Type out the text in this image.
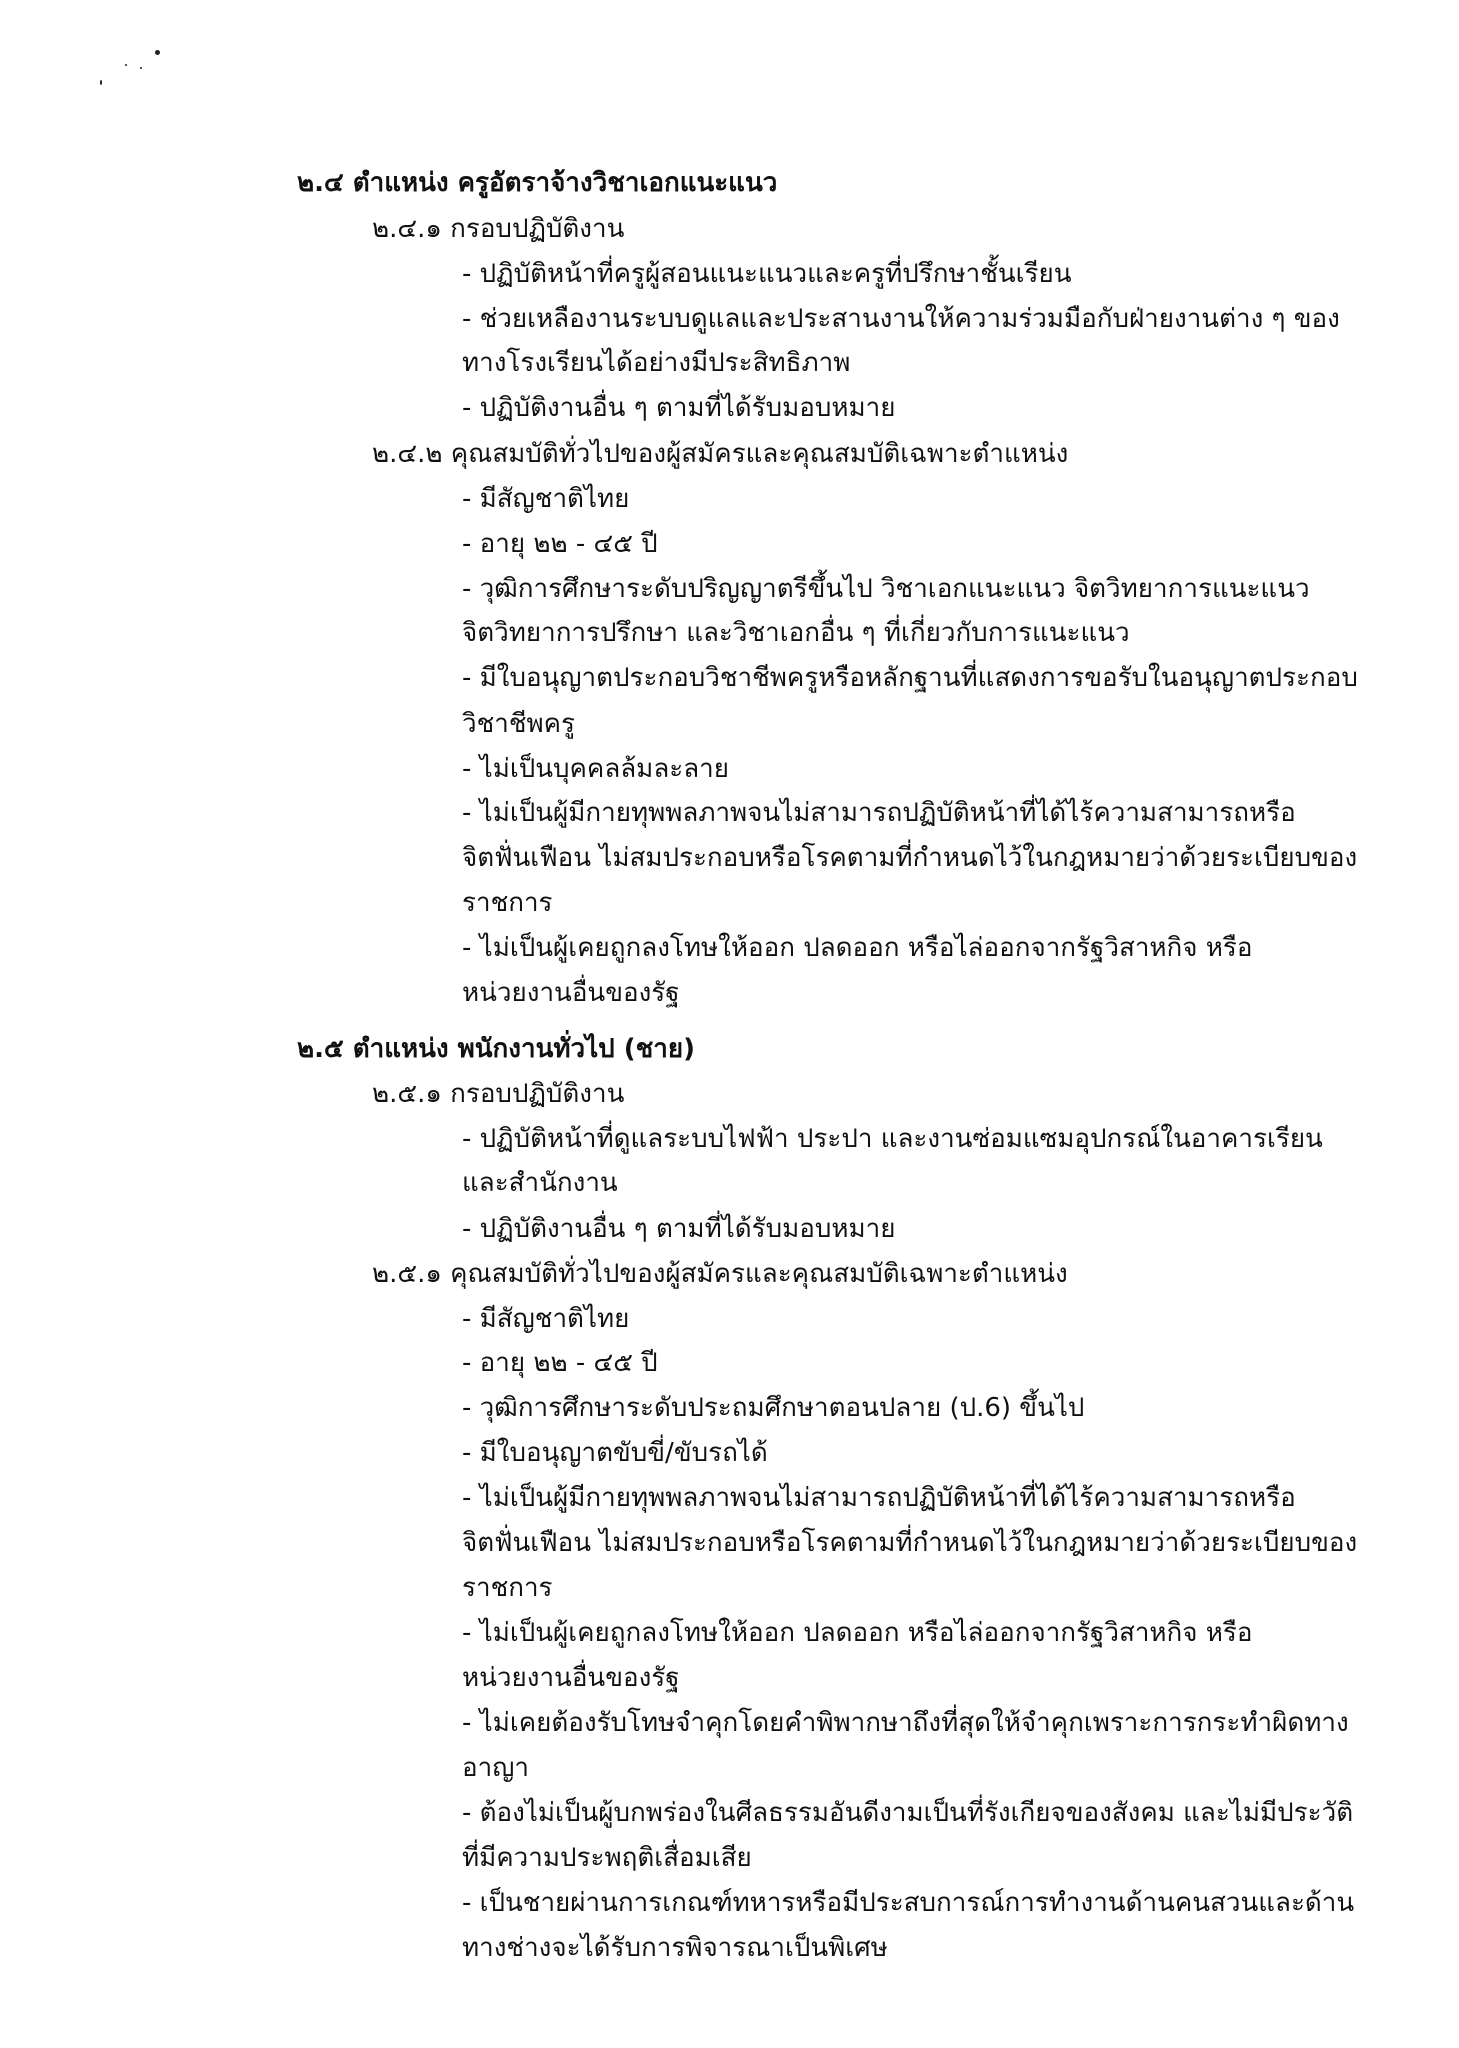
๒.๔ ตำแหน่ง ครูอัตราจ้างวิชาเอกแนะแนว
๒.๔.๑ กรอบปฏิบัติงาน
- ปฏิบัติหน้าที่ครูผู้สอนแนะแนวและครูที่ปรึกษาชั้นเรียน
- ช่วยเหลืองานระบบดูแลและประสานงานให้ความร่วมมือกับฝ่ายงานต่าง ๆ ของ
ทางโรงเรียนได้อย่างมีประสิทธิภาพ
- ปฏิบัติงานอื่น ๆ ตามที่ได้รับมอบหมาย
๒.๔.๒ คุณสมบัติทั่วไปของผู้สมัครและคุณสมบัติเฉพาะตำแหน่ง
- มีสัญชาติไทย
- อายุ ๒๒ - ๔๕ ปี
- วุฒิการศึกษาระดับปริญญาตรีขึ้นไป วิชาเอกแนะแนว จิตวิทยาการแนะแนว
จิตวิทยาการปรึกษา และวิชาเอกอื่น ๆ ที่เกี่ยวกับการแนะแนว
- มีใบอนุญาตประกอบวิชาชีพครูหรือหลักฐานที่แสดงการขอรับในอนุญาตประกอบ
วิชาชีพครู
- ไม่เป็นบุคคลล้มละลาย
- ไม่เป็นผู้มีกายทุพพลภาพจนไม่สามารถปฏิบัติหน้าที่ได้ไร้ความสามารถหรือ
จิตฟั่นเฟือน ไม่สมประกอบหรือโรคตามที่กำหนดไว้ในกฎหมายว่าด้วยระเบียบของ
ราชการ
- ไม่เป็นผู้เคยถูกลงโทษให้ออก ปลดออก หรือไล่ออกจากรัฐวิสาหกิจ หรือ
หน่วยงานอื่นของรัฐ
๒.๕ ตำแหน่ง พนักงานทั่วไป (ชาย)
๒.๕.๑ กรอบปฏิบัติงาน
- ปฏิบัติหน้าที่ดูแลระบบไฟฟ้า ประปา และงานซ่อมแซมอุปกรณ์ในอาคารเรียน
และสำนักงาน
- ปฏิบัติงานอื่น ๆ ตามที่ได้รับมอบหมาย
๒.๕.๑ คุณสมบัติทั่วไปของผู้สมัครและคุณสมบัติเฉพาะตำแหน่ง
- มีสัญชาติไทย
- อายุ ๒๒ - ๔๕ ปี
- วุฒิการศึกษาระดับประถมศึกษาตอนปลาย (ป.6) ขึ้นไป
- มีใบอนุญาตขับขี่/ขับรถได้
- ไม่เป็นผู้มีกายทุพพลภาพจนไม่สามารถปฏิบัติหน้าที่ได้ไร้ความสามารถหรือ
จิตฟั่นเฟือน ไม่สมประกอบหรือโรคตามที่กำหนดไว้ในกฎหมายว่าด้วยระเบียบของ
ราชการ
- ไม่เป็นผู้เคยถูกลงโทษให้ออก ปลดออก หรือไล่ออกจากรัฐวิสาหกิจ หรือ
หน่วยงานอื่นของรัฐ
- ไม่เคยต้องรับโทษจำคุกโดยคำพิพากษาถึงที่สุดให้จำคุกเพราะการกระทำผิดทาง
อาญา
- ต้องไม่เป็นผู้บกพร่องในศีลธรรมอันดีงามเป็นที่รังเกียจของสังคม และไม่มีประวัติ
ที่มีความประพฤติเสื่อมเสีย
- เป็นชายผ่านการเกณฑ์ทหารหรือมีประสบการณ์การทำงานด้านคนสวนและด้าน
ทางช่างจะได้รับการพิจารณาเป็นพิเศษ
